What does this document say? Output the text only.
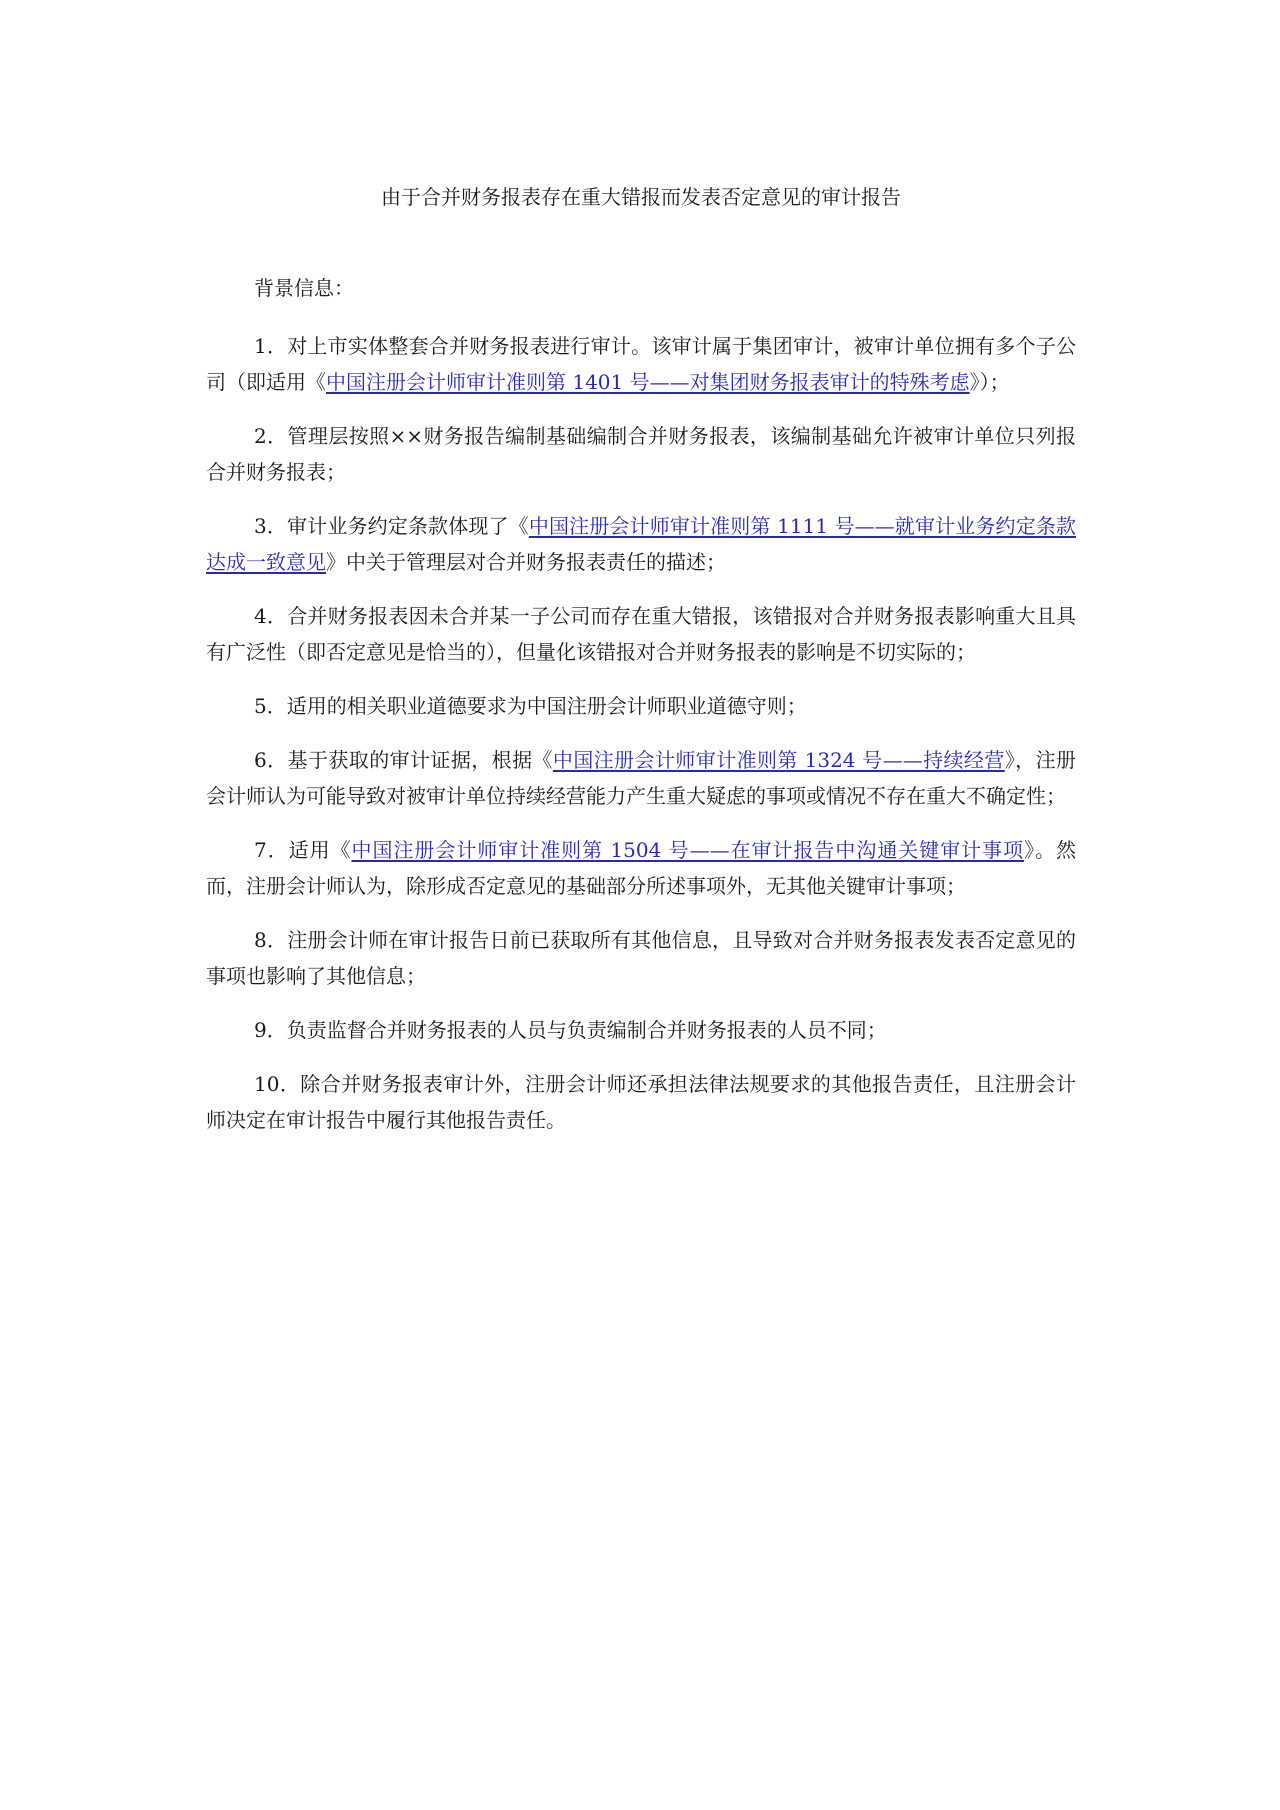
由于合并财务报表存在重大错报而发表否定意见的审计报告

背景信息：

1．对上市实体整套合并财务报表进行审计。该审计属于集团审计，被审计单位拥有多个子公司（即适用《中国注册会计师审计准则第 1401 号——对集团财务报表审计的特殊考虑》）；

2．管理层按照××财务报告编制基础编制合并财务报表，该编制基础允许被审计单位只列报合并财务报表；

3．审计业务约定条款体现了《中国注册会计师审计准则第 1111 号——就审计业务约定条款达成一致意见》中关于管理层对合并财务报表责任的描述；

4．合并财务报表因未合并某一子公司而存在重大错报，该错报对合并财务报表影响重大且具有广泛性（即否定意见是恰当的），但量化该错报对合并财务报表的影响是不切实际的；

5．适用的相关职业道德要求为中国注册会计师职业道德守则；

6．基于获取的审计证据，根据《中国注册会计师审计准则第 1324 号——持续经营》，注册会计师认为可能导致对被审计单位持续经营能力产生重大疑虑的事项或情况不存在重大不确定性；

7．适用《中国注册会计师审计准则第 1504 号——在审计报告中沟通关键审计事项》。然而，注册会计师认为，除形成否定意见的基础部分所述事项外，无其他关键审计事项；

8．注册会计师在审计报告日前已获取所有其他信息，且导致对合并财务报表发表否定意见的事项也影响了其他信息；

9．负责监督合并财务报表的人员与负责编制合并财务报表的人员不同；

10．除合并财务报表审计外，注册会计师还承担法律法规要求的其他报告责任，且注册会计师决定在审计报告中履行其他报告责任。
